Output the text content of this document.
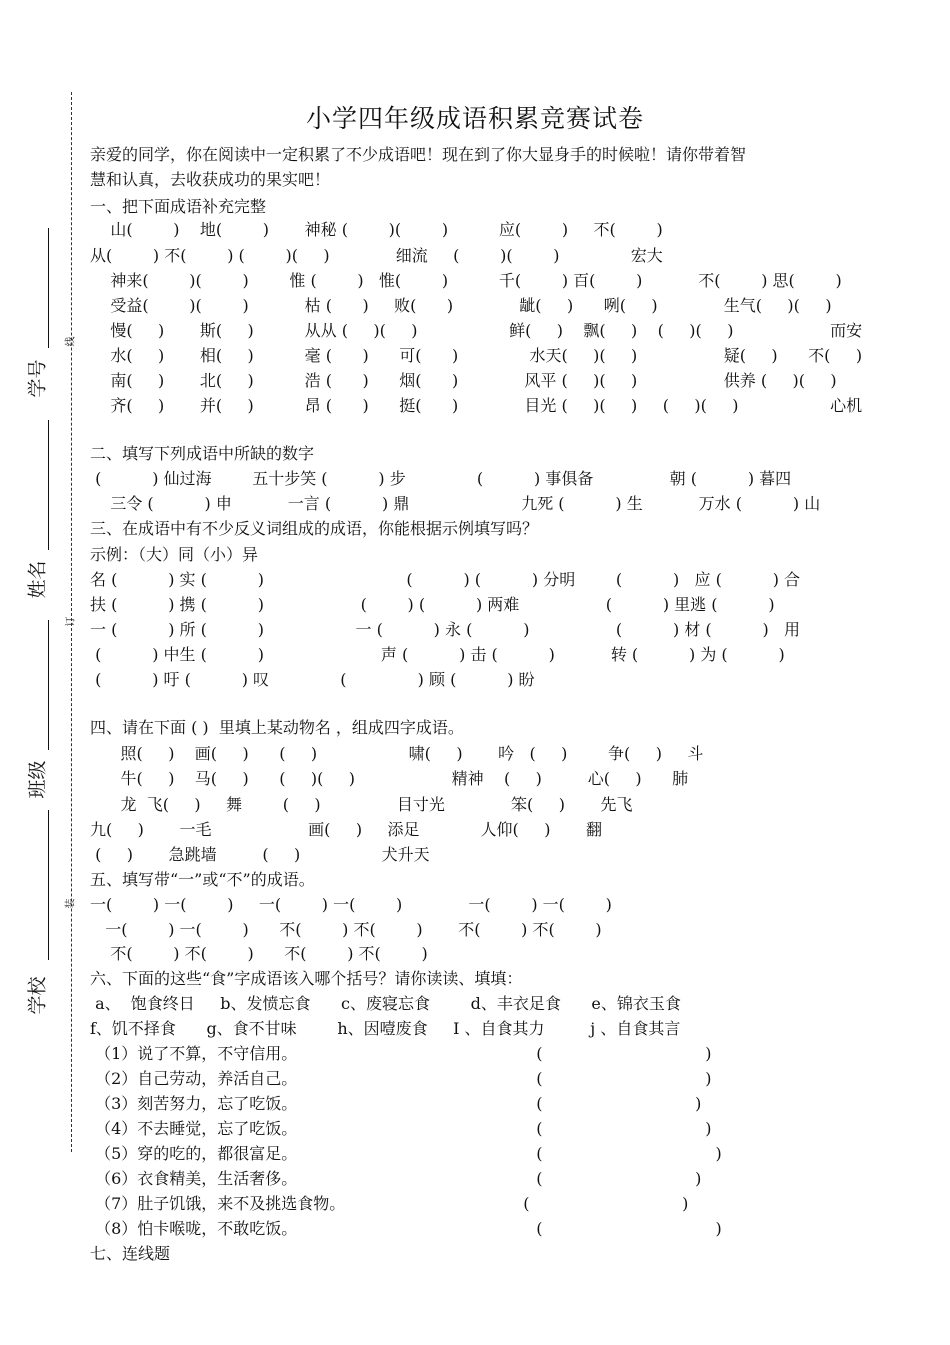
学号
姓名
班级
学校
线
订
装
小学四年级成语积累竞赛试卷
亲爱的同学，你在阅读中一定积累了不少成语吧！现在到了你大显身手的时候啦！请你带着智
慧和认真，去收获成功的果实吧！
一、把下面成语补充完整
山(        )    地(        )       神秘 (        )(        )          应(        )     不(        )
从(        ) 不(        ) (        )(     )             细流     (        )(        )              宏大
神来(        )(        )        惟 (        )   惟(        )          千(        ) 百(        )           不(        ) 思(        )
受益(        )(        )           枯 (      )     败(      )             龇(     )      咧(     )             生气(     )(     )
慢(     )       斯(     )          从从 (     )(     )                  鲜(     )    飘(     )    (     )(     )                   而安
水(     )       相(     )          毫 (      )      可(      )              水天(     )(     )                 疑(     )      不(     )
南(     )       北(     )          浩 (      )      烟(      )             风平 (     )(     )                 供养 (     )(     )
齐(     )       并(     )          昂 (      )      挺(      )             目光 (     )(     )     (     )(     )                  心机
二、填写下列成语中所缺的数字
(          ) 仙过海        五十步笑 (          ) 步              (          ) 事俱备               朝 (          ) 暮四
三令 (          ) 申           一言 (          ) 鼎                      九死 (          ) 生           万水 (          ) 山
三、在成语中有不少反义词组成的成语，你能根据示例填写吗？
示例：（大）同（小）异
名 (          ) 实 (          )                            (          ) (          ) 分明        (          )   应 (          ) 合
扶 (          ) 携 (          )                   (        ) (          ) 两难                 (          ) 里逃 (          )
一 (          ) 所 (          )                  一 (          ) 永 (          )                 (          ) 材 (          )   用
(          ) 中生 (          )                       声 (          ) 击 (          )           转 (          ) 为 (          )
(          ) 吁 (          ) 叹              (              ) 顾 (          ) 盼
四、请在下面 ( )  里填上某动物名 ，组成四字成语。
照(     )    画(     )      (     )                  啸(     )       吟   (     )        争(     )     斗
牛(     )    马(     )      (     )(     )                   精神    (     )         心(     )      肺
龙  飞(     )     舞        (     )               目寸光             笨(     )       先飞
九(     )       一毛                   画(     )     添足            人仰(     )       翻
(     )       急跳墙         (     )                犬升天
五、填写带“一”或“不”的成语。
一(        ) 一(        )     一(        ) 一(        )             一(        ) 一(        )
一(        ) 一(        )      不(        ) 不(        )       不(        ) 不(        )
不(        ) 不(        )      不(        ) 不(        )
六、下面的这些“食”字成语该入哪个括号？请你读读、填填：
a、  饱食终日     b、发愤忘食      c、废寝忘食        d、丰衣足食      e、锦衣玉食
f、饥不择食      g、食不甘味        h、因噎废食     I 、自食其力         j 、自食其言
（1）说了不算，不守信用。                                               (                                )
（2）自己劳动，养活自己。                                               (                                )
（3）刻苦努力，忘了吃饭。                                               (                              )
（4）不去睡觉，忘了吃饭。                                               (                                )
（5）穿的吃的，都很富足。                                               (                                  )
（6）衣食精美，生活奢侈。                                               (                              )
（7）肚子饥饿，来不及挑选食物。                                   (                              )
（8）怕卡喉咙，不敢吃饭。                                               (                                  )
七、连线题
